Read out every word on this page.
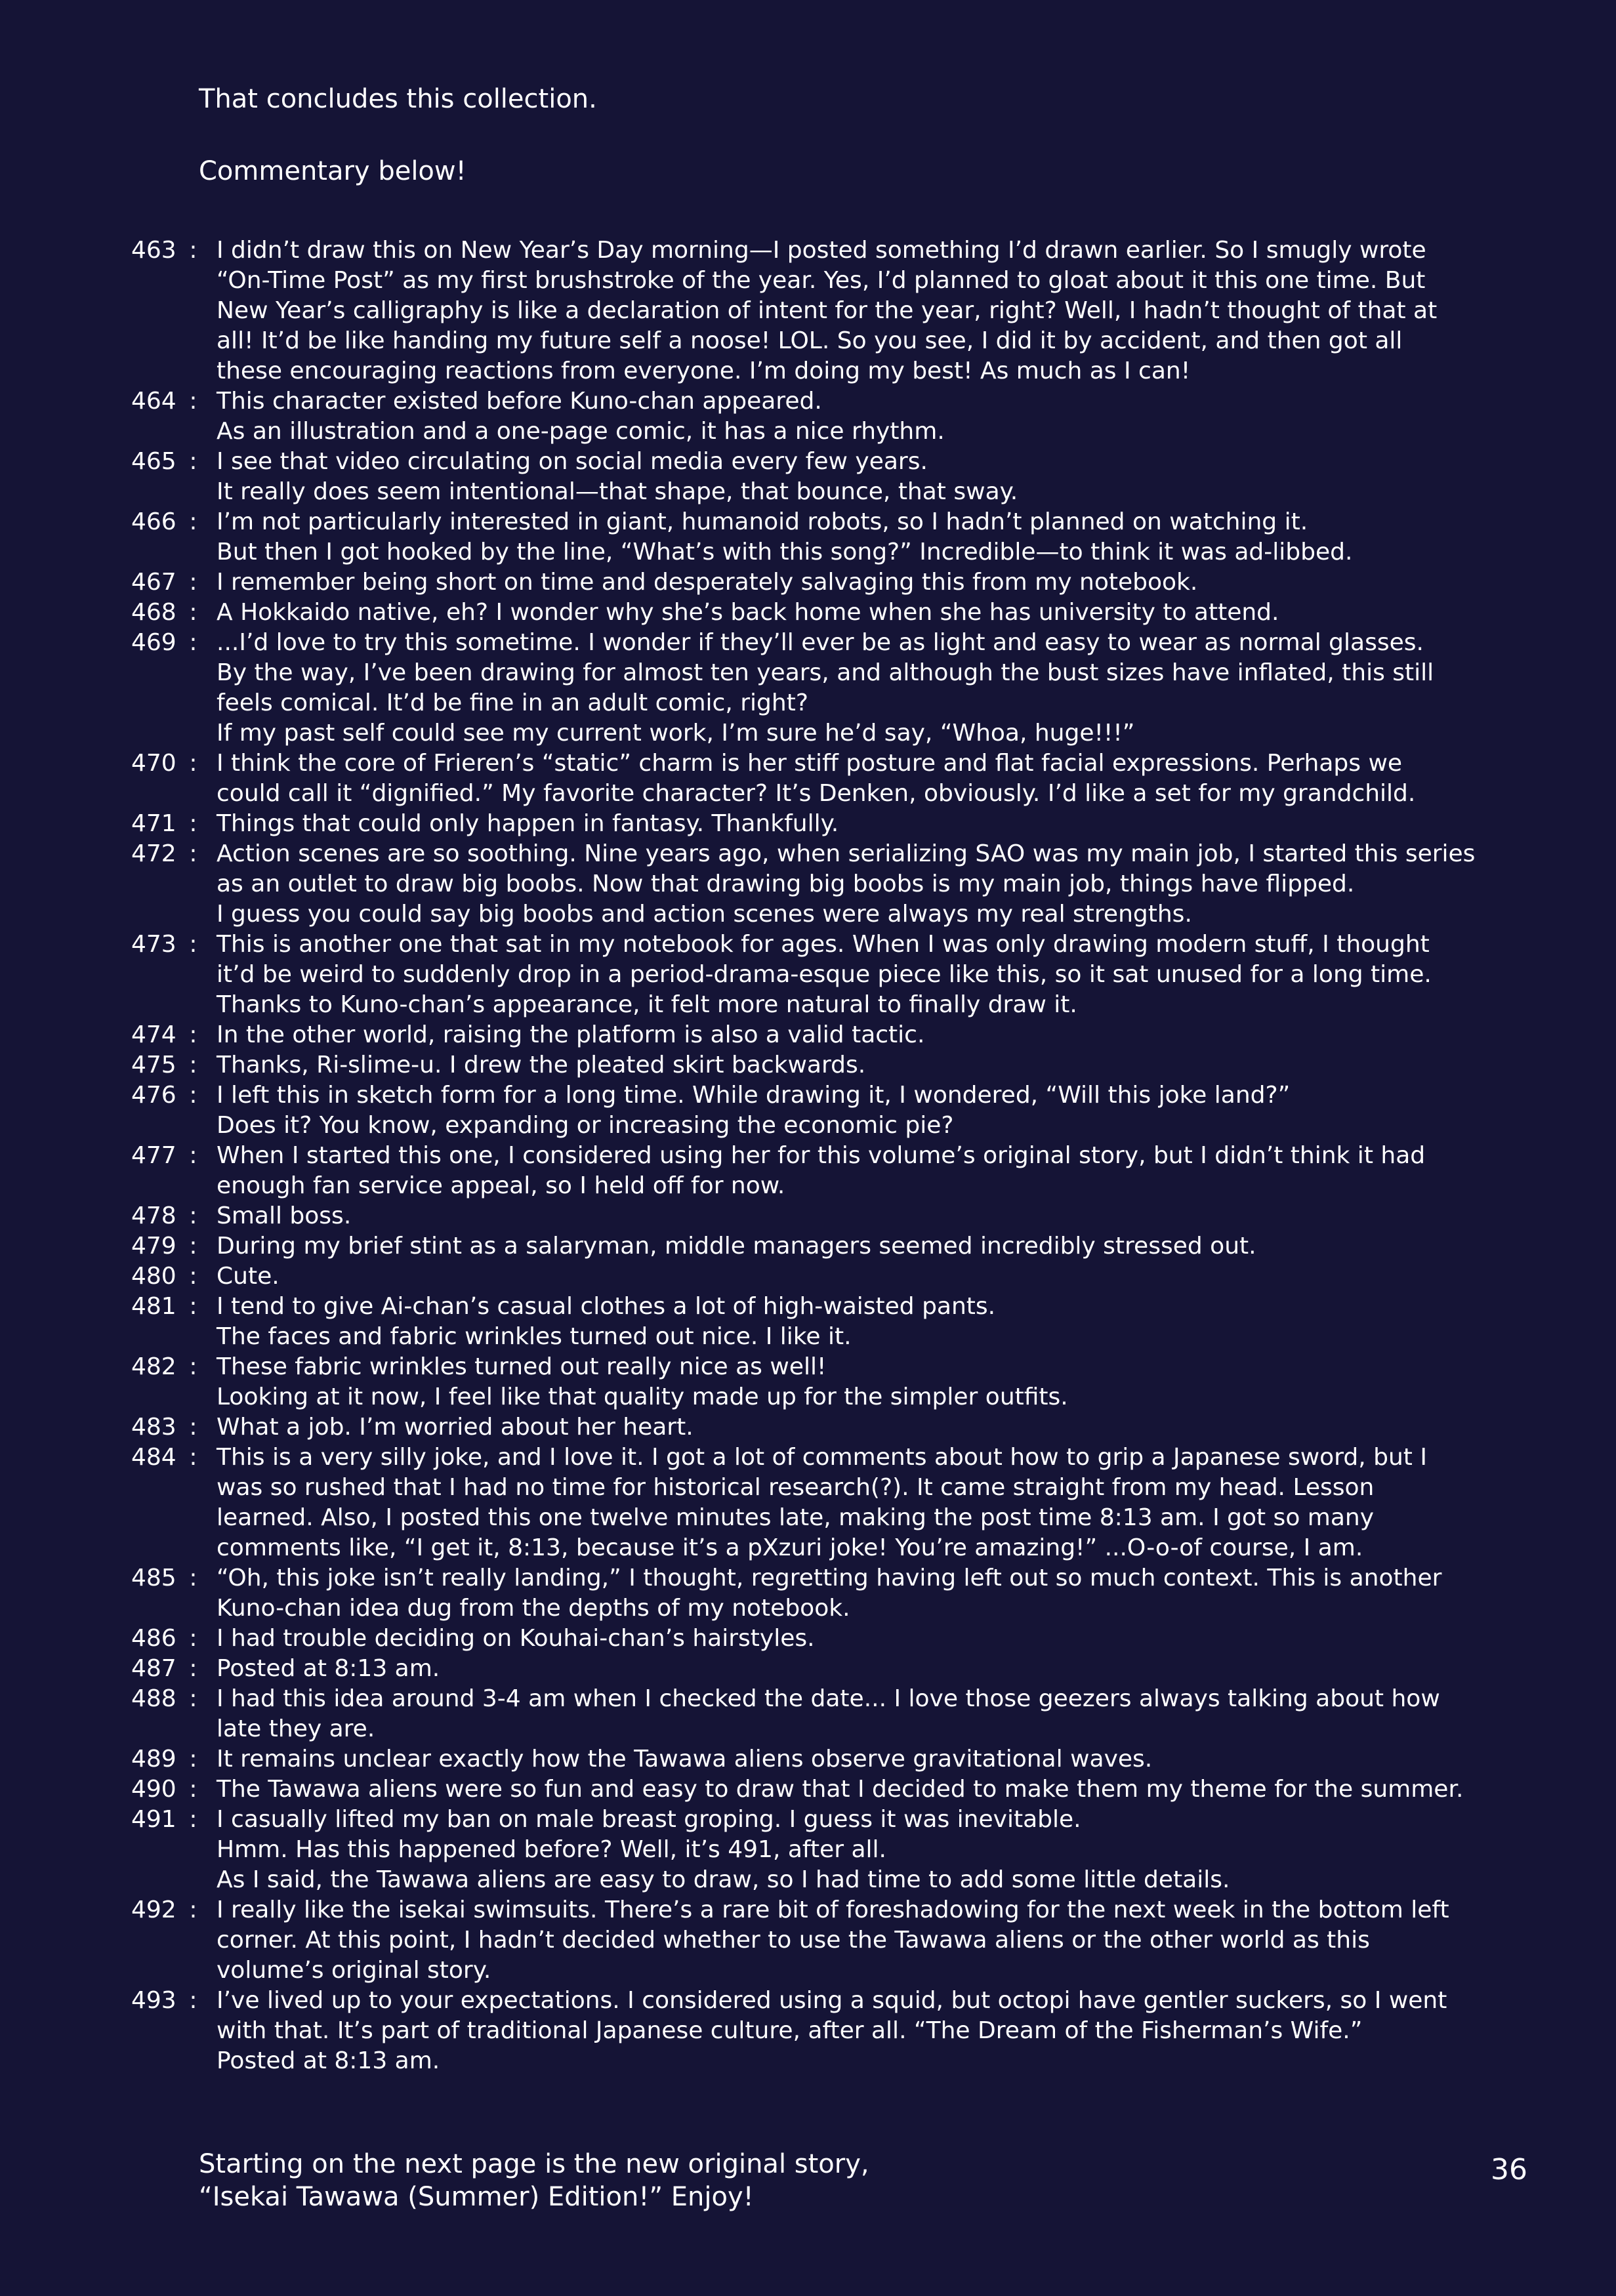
That concludes this collection.

Commentary below!

463 : I didn’t draw this on New Year’s Day morning—I posted something I’d drawn earlier. So I smugly wrote
“On-Time Post” as my first brushstroke of the year. Yes, I’d planned to gloat about it this one time. But
New Year’s calligraphy is like a declaration of intent for the year, right? Well, I hadn’t thought of that at
all! It’d be like handing my future self a noose! LOL. So you see, I did it by accident, and then got all
these encouraging reactions from everyone. I’m doing my best! As much as I can!
464 : This character existed before Kuno-chan appeared.
As an illustration and a one-page comic, it has a nice rhythm.
465 : I see that video circulating on social media every few years.
It really does seem intentional—that shape, that bounce, that sway.
466 : I’m not particularly interested in giant, humanoid robots, so I hadn’t planned on watching it.
But then I got hooked by the line, “What’s with this song?” Incredible—to think it was ad-libbed.
467 : I remember being short on time and desperately salvaging this from my notebook.
468 : A Hokkaido native, eh? I wonder why she’s back home when she has university to attend.
469 : ...I’d love to try this sometime. I wonder if they’ll ever be as light and easy to wear as normal glasses.
By the way, I’ve been drawing for almost ten years, and although the bust sizes have inflated, this still
feels comical. It’d be fine in an adult comic, right?
If my past self could see my current work, I’m sure he’d say, “Whoa, huge!!!”
470 : I think the core of Frieren’s “static” charm is her stiff posture and flat facial expressions. Perhaps we
could call it “dignified.” My favorite character? It’s Denken, obviously. I’d like a set for my grandchild.
471 : Things that could only happen in fantasy. Thankfully.
472 : Action scenes are so soothing. Nine years ago, when serializing SAO was my main job, I started this series
as an outlet to draw big boobs. Now that drawing big boobs is my main job, things have flipped.
I guess you could say big boobs and action scenes were always my real strengths.
473 : This is another one that sat in my notebook for ages. When I was only drawing modern stuff, I thought
it’d be weird to suddenly drop in a period-drama-esque piece like this, so it sat unused for a long time.
Thanks to Kuno-chan’s appearance, it felt more natural to finally draw it.
474 : In the other world, raising the platform is also a valid tactic.
475 : Thanks, Ri-slime-u. I drew the pleated skirt backwards.
476 : I left this in sketch form for a long time. While drawing it, I wondered, “Will this joke land?”
Does it? You know, expanding or increasing the economic pie?
477 : When I started this one, I considered using her for this volume’s original story, but I didn’t think it had
enough fan service appeal, so I held off for now.
478 : Small boss.
479 : During my brief stint as a salaryman, middle managers seemed incredibly stressed out.
480 : Cute.
481 : I tend to give Ai-chan’s casual clothes a lot of high-waisted pants.
The faces and fabric wrinkles turned out nice. I like it.
482 : These fabric wrinkles turned out really nice as well!
Looking at it now, I feel like that quality made up for the simpler outfits.
483 : What a job. I’m worried about her heart.
484 : This is a very silly joke, and I love it. I got a lot of comments about how to grip a Japanese sword, but I
was so rushed that I had no time for historical research(?). It came straight from my head. Lesson
learned. Also, I posted this one twelve minutes late, making the post time 8:13 am. I got so many
comments like, “I get it, 8:13, because it’s a pXzuri joke! You’re amazing!” ...O-o-of course, I am.
485 : “Oh, this joke isn’t really landing,” I thought, regretting having left out so much context. This is another
Kuno-chan idea dug from the depths of my notebook.
486 : I had trouble deciding on Kouhai-chan’s hairstyles.
487 : Posted at 8:13 am.
488 : I had this idea around 3-4 am when I checked the date... I love those geezers always talking about how
late they are.
489 : It remains unclear exactly how the Tawawa aliens observe gravitational waves.
490 : The Tawawa aliens were so fun and easy to draw that I decided to make them my theme for the summer.
491 : I casually lifted my ban on male breast groping. I guess it was inevitable.
Hmm. Has this happened before? Well, it’s 491, after all.
As I said, the Tawawa aliens are easy to draw, so I had time to add some little details.
492 : I really like the isekai swimsuits. There’s a rare bit of foreshadowing for the next week in the bottom left
corner. At this point, I hadn’t decided whether to use the Tawawa aliens or the other world as this
volume’s original story.
493 : I’ve lived up to your expectations. I considered using a squid, but octopi have gentler suckers, so I went
with that. It’s part of traditional Japanese culture, after all. “The Dream of the Fisherman’s Wife.”
Posted at 8:13 am.
Starting on the next page is the new original story,
“Isekai Tawawa (Summer) Edition!” Enjoy!
36
